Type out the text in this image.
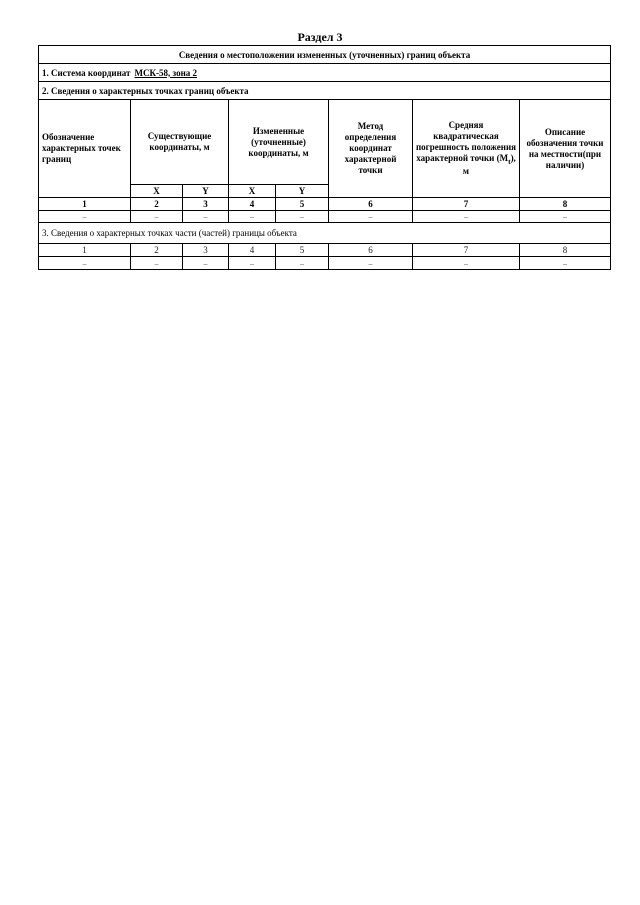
Раздел 3
Сведения о местоположении измененных (уточненных) границ объекта							
1. Система координат МСК-58, зона 2							
2. Сведения о характерных точках границ объекта							
Обозначение характерных точек границ	Существующие координаты, м		Измененные (уточненные) координаты, м		Метод определения координат характерной точки	Средняя квадратическая погрешность положения характерной точки $(M_t)$, м	Описание обозначения точки на местности(при наличии)
	X	Y	X	Y			
1	2	3	4	5	6	7	8
–	–	–	–	–	–	–	–
3. Сведения о характерных точках части (частей) границы объекта							
1	2	3	4	5	6	7	8
–	–	–	–	–	–	–	–
